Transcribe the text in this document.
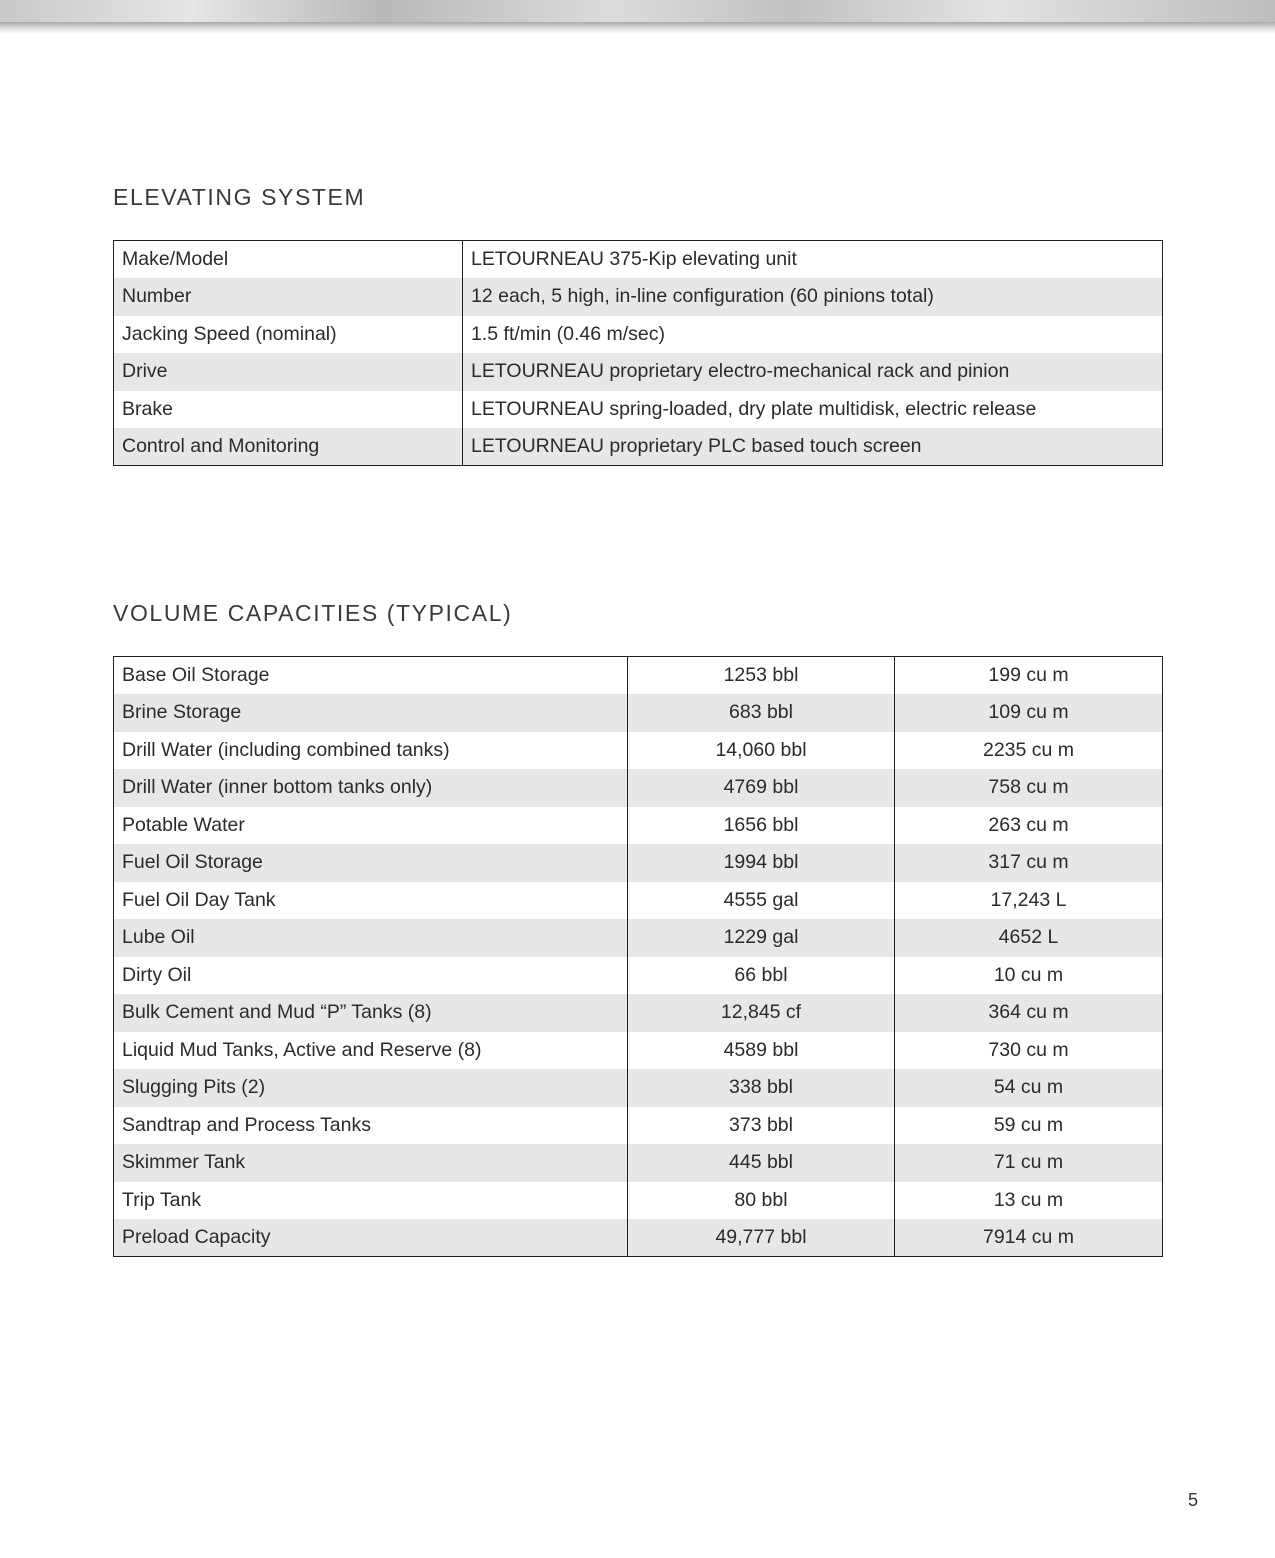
ELEVATING SYSTEM
Make/Model	LETOURNEAU 375-Kip elevating unit
Number	12 each, 5 high, in-line configuration (60 pinions total)
Jacking Speed (nominal)	1.5 ft/min (0.46 m/sec)
Drive	LETOURNEAU proprietary electro-mechanical rack and pinion
Brake	LETOURNEAU spring-loaded, dry plate multidisk, electric release
Control and Monitoring	LETOURNEAU proprietary PLC based touch screen
VOLUME CAPACITIES (TYPICAL)
Base Oil Storage	1253 bbl	199 cu m
Brine Storage	683 bbl	109 cu m
Drill Water (including combined tanks)	14,060 bbl	2235 cu m
Drill Water (inner bottom tanks only)	4769 bbl	758 cu m
Potable Water	1656 bbl	263 cu m
Fuel Oil Storage	1994 bbl	317 cu m
Fuel Oil Day Tank	4555 gal	17,243 L
Lube Oil	1229 gal	4652 L
Dirty Oil	66 bbl	10 cu m
Bulk Cement and Mud “P” Tanks (8)	12,845 cf	364 cu m
Liquid Mud Tanks, Active and Reserve (8)	4589 bbl	730 cu m
Slugging Pits (2)	338 bbl	54 cu m
Sandtrap and Process Tanks	373 bbl	59 cu m
Skimmer Tank	445 bbl	71 cu m
Trip Tank	80 bbl	13 cu m
Preload Capacity	49,777 bbl	7914 cu m
5
